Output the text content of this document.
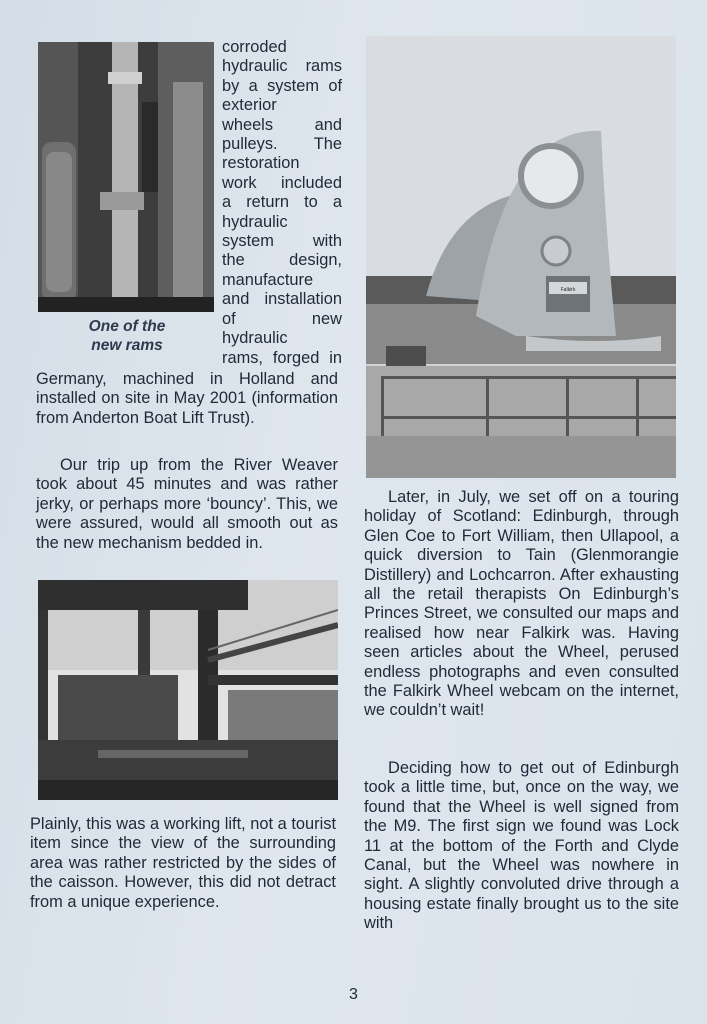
One of the
new rams
corroded
hydraulic rams
by a system of
exterior
wheels and
pulleys. The
restoration
work included
a return to a
hydraulic
system with
the design,
manufacture
and installation
of new
hydraulic
rams, forged in

Germany, machined in Holland and installed on site in May 2001 (information from Anderton Boat Lift Trust).

Our trip up from the River Weaver took about 45 minutes and was rather jerky, or perhaps more ‘bouncy’. This, we were assured, would all smooth out as the new mechanism bedded in.

Plainly, this was a working lift, not a tourist item since the view of the surrounding area was rather restricted by the sides of the caisson. However, this did not detract from a unique experience.

Falkirk

Later, in July, we set off on a touring holiday of Scotland: Edinburgh, through Glen Coe to Fort William, then Ullapool, a quick diversion to Tain (Glenmorangie Distillery) and Lochcarron. After exhausting all the retail therapists On Edinburgh’s Princes Street, we consulted our maps and realised how near Falkirk was. Having seen articles about the Wheel, perused endless photographs and even consulted the Falkirk Wheel webcam on the internet, we couldn’t wait!

Deciding how to get out of Edinburgh took a little time, but, once on the way, we found that the Wheel is well signed from the M9. The first sign we found was Lock 11 at the bottom of the Forth and Clyde Canal, but the Wheel was nowhere in sight. A slightly convoluted drive through a housing estate finally brought us to the site with

3
